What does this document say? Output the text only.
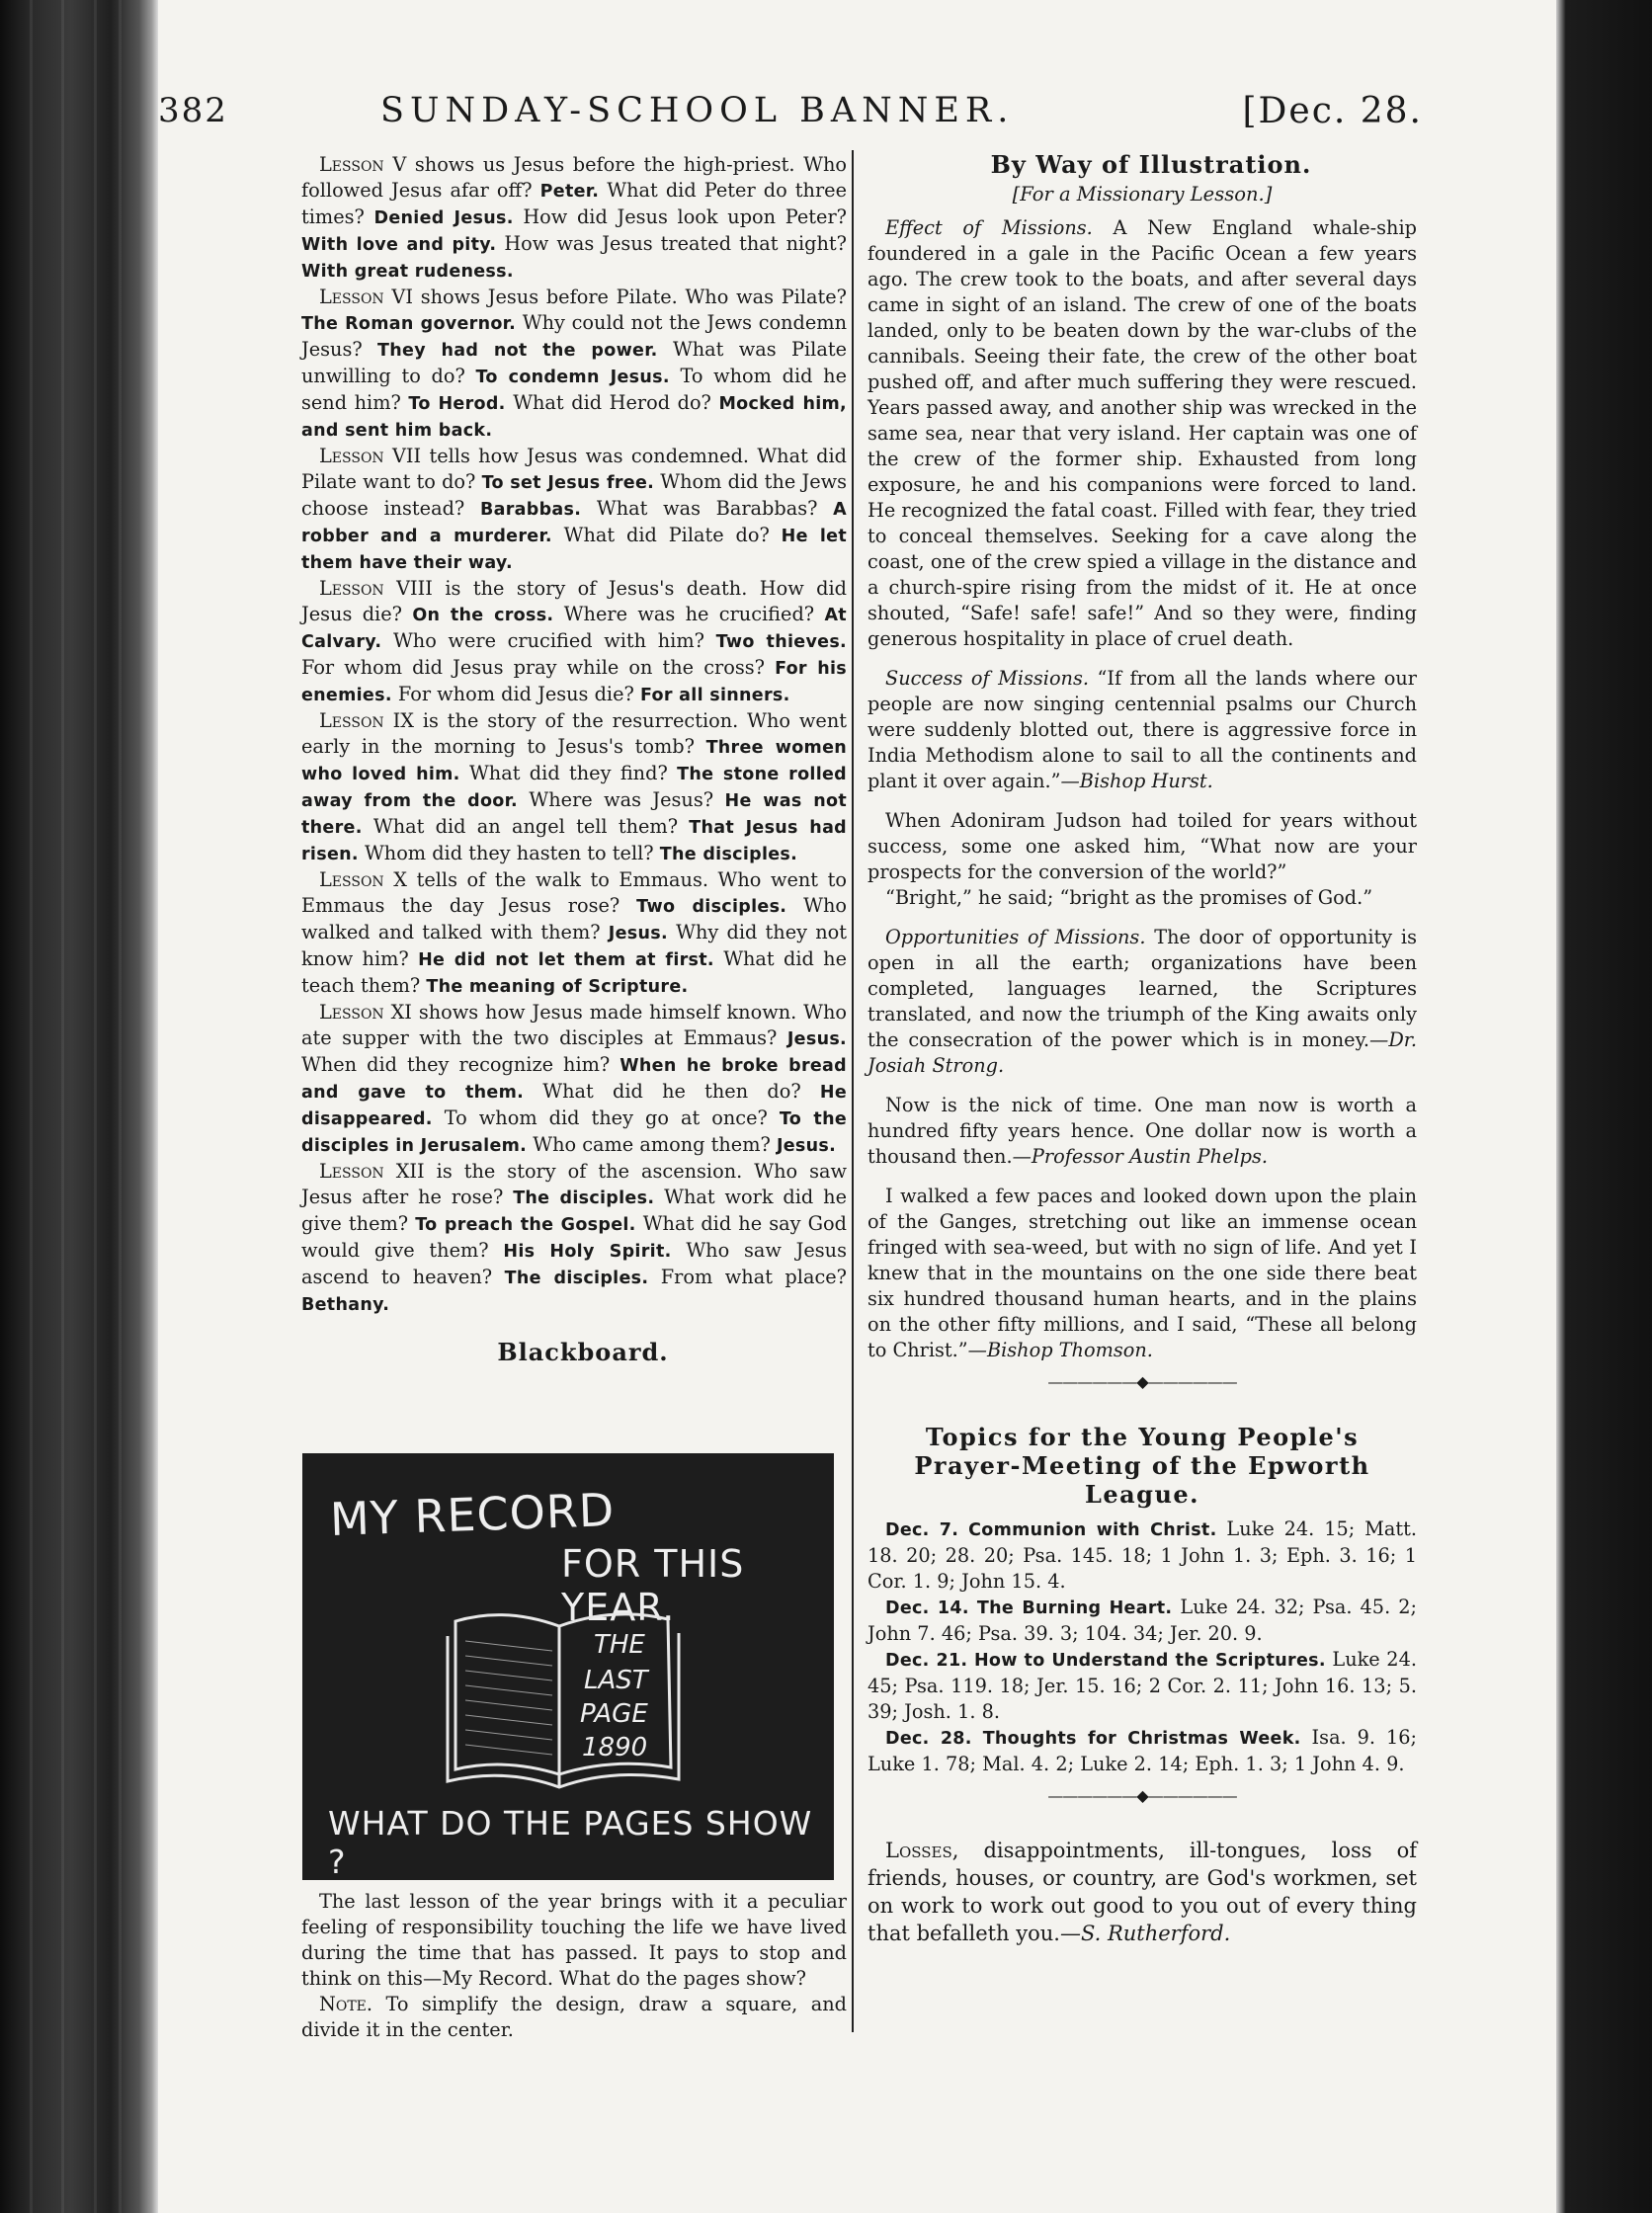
382	SUNDAY-SCHOOL BANNER.	[Dec. 28.

Lesson V shows us Jesus before the high-priest. Who followed Jesus afar off? Peter. What did Peter do three times? Denied Jesus. How did Jesus look upon Peter? With love and pity. How was Jesus treated that night? With great rudeness.

Lesson VI shows Jesus before Pilate. Who was Pilate? The Roman governor. Why could not the Jews condemn Jesus? They had not the power. What was Pilate unwilling to do? To condemn Jesus. To whom did he send him? To Herod. What did Herod do? Mocked him, and sent him back.

Lesson VII tells how Jesus was condemned. What did Pilate want to do? To set Jesus free. Whom did the Jews choose instead? Barabbas. What was Barabbas? A robber and a murderer. What did Pilate do? He let them have their way.

Lesson VIII is the story of Jesus's death. How did Jesus die? On the cross. Where was he crucified? At Calvary. Who were crucified with him? Two thieves. For whom did Jesus pray while on the cross? For his enemies. For whom did Jesus die? For all sinners.

Lesson IX is the story of the resurrection. Who went early in the morning to Jesus's tomb? Three women who loved him. What did they find? The stone rolled away from the door. Where was Jesus? He was not there. What did an angel tell them? That Jesus had risen. Whom did they hasten to tell? The disciples.

Lesson X tells of the walk to Emmaus. Who went to Emmaus the day Jesus rose? Two disciples. Who walked and talked with them? Jesus. Why did they not know him? He did not let them at first. What did he teach them? The meaning of Scripture.

Lesson XI shows how Jesus made himself known. Who ate supper with the two disciples at Emmaus? Jesus. When did they recognize him? When he broke bread and gave to them. What did he then do? He disappeared. To whom did they go at once? To the disciples in Jerusalem. Who came among them? Jesus.

Lesson XII is the story of the ascension. Who saw Jesus after he rose? The disciples. What work did he give them? To preach the Gospel. What did he say God would give them? His Holy Spirit. Who saw Jesus ascend to heaven? The disciples. From what place? Bethany.

Blackboard.

MY RECORD
FOR THIS YEAR.
THE
LAST
PAGE
1890
WHAT DO THE PAGES SHOW ?

The last lesson of the year brings with it a peculiar feeling of responsibility touching the life we have lived during the time that has passed. It pays to stop and think on this—My Record. What do the pages show?

Note. To simplify the design, draw a square, and divide it in the center.

By Way of Illustration.

[For a Missionary Lesson.]

Effect of Missions. A New England whale-ship foundered in a gale in the Pacific Ocean a few years ago. The crew took to the boats, and after several days came in sight of an island. The crew of one of the boats landed, only to be beaten down by the war-clubs of the cannibals. Seeing their fate, the crew of the other boat pushed off, and after much suffering they were rescued. Years passed away, and another ship was wrecked in the same sea, near that very island. Her captain was one of the crew of the former ship. Exhausted from long exposure, he and his companions were forced to land. He recognized the fatal coast. Filled with fear, they tried to conceal themselves. Seeking for a cave along the coast, one of the crew spied a village in the distance and a church-spire rising from the midst of it. He at once shouted, “Safe! safe! safe!” And so they were, finding generous hospitality in place of cruel death.

Success of Missions. “If from all the lands where our people are now singing centennial psalms our Church were suddenly blotted out, there is aggressive force in India Methodism alone to sail to all the continents and plant it over again.”—Bishop Hurst.

When Adoniram Judson had toiled for years without success, some one asked him, “What now are your prospects for the conversion of the world?”

“Bright,” he said; “bright as the promises of God.”

Opportunities of Missions. The door of opportunity is open in all the earth; organizations have been completed, languages learned, the Scriptures translated, and now the triumph of the King awaits only the consecration of the power which is in money.—Dr. Josiah Strong.

Now is the nick of time. One man now is worth a hundred fifty years hence. One dollar now is worth a thousand then.—Professor Austin Phelps.

I walked a few paces and looked down upon the plain of the Ganges, stretching out like an immense ocean fringed with sea-weed, but with no sign of life. And yet I knew that in the mountains on the one side there beat six hundred thousand human hearts, and in the plains on the other fifty millions, and I said, “These all belong to Christ.”—Bishop Thomson.

——————◆——————

Topics for the Young People's Prayer-Meeting of the Epworth League.

Dec. 7. Communion with Christ. Luke 24. 15; Matt. 18. 20; 28. 20; Psa. 145. 18; 1 John 1. 3; Eph. 3. 16; 1 Cor. 1. 9; John 15. 4.

Dec. 14. The Burning Heart. Luke 24. 32; Psa. 45. 2; John 7. 46; Psa. 39. 3; 104. 34; Jer. 20. 9.

Dec. 21. How to Understand the Scriptures. Luke 24. 45; Psa. 119. 18; Jer. 15. 16; 2 Cor. 2. 11; John 16. 13; 5. 39; Josh. 1. 8.

Dec. 28. Thoughts for Christmas Week. Isa. 9. 16; Luke 1. 78; Mal. 4. 2; Luke 2. 14; Eph. 1. 3; 1 John 4. 9.

——————◆——————

Losses, disappointments, ill-tongues, loss of friends, houses, or country, are God's workmen, set on work to work out good to you out of every thing that befalleth you.—S. Rutherford.
